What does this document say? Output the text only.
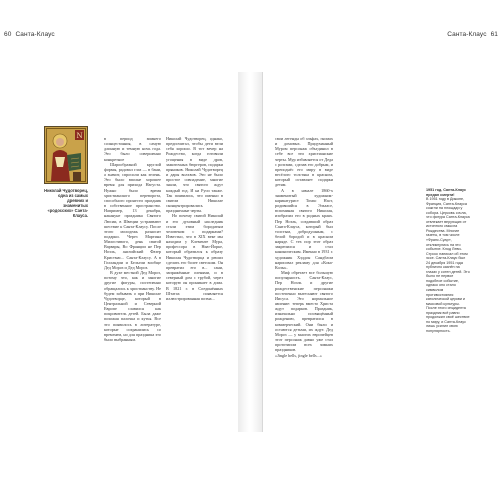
60 Санта-Клаус	Санта-Клаус 61
N
Николай Чудотворец, одна из самых древних и знаменитых «родосских» Санта-Клауса.

в период зимнего солнцестояния, в самую длинную и темную ночь года. Это было совершенно конкретное

Шарообразной круглой формы, радовал глаз — в бани, а значит, спросили как зелень. Это было вполне хорошее время для прихода Нагуста. Нужно было время христианского переворота, способного пронести праздник в собственное пространство. Например, 13 декабря, накануне праздника Святого Люсии, в Швеции устраивают шествие к Санта-Клаусу. После этого молодежь разносит подарки. Через Мартина Милостивого, день святой Варвары, Во Франции не Пер Ноэль, английский Фазер Кристмас... Санта-Клаусу. А в Голландии и Бельгии вообще Дед Мороз и Дед Мороз.

В духе местной Дед Мороз, потому что, как и многие другие фигуры, постепенно обращались к христианству. Не будем забывать о при Николае Чудотворце, который в Центральной и Северной Европе славился как покровитель детей. Была даже похожая палочка и кутья. Все это появилось в литературе, которые сохранились со временем, но для праздника это было выбранным.

Николай Чудотворец, однако, предпочитал, чтобы дети вели себя хорошо. В тот вечер на Рождество, когда готовили угощения в виде дров, зажиточных бюргеров, подарки пряников. Николай Чудотворец и дары волхвов. Это не было простое совпадение, многие знали, что святого ждут каждый год. И на Руси также. Так появились, что именно в святом Николае сконцентрировались праздничные черты.

Но почему святой Николай и его духовный наследник стали этим бородатым человеком с подарками? Известно, что в XIX веке мы находим у Клементе Мура, профессора в Нью-Йорке, который обратился к образу Николая Чудотворца и решил сделать его более светским. Он превратил его в... сани, запряжённые оленями, и в северный дом с трубой, через которую он проникает в дома. В 1821 г. в Соединённых Штатах появляется иллюстрированная поэма...

свои легенды об эльфах, гномах и домовых. Придуманный Муром персонаж объединил в себе все эти христианские черты. Мур избавляется от Деда с розгами, сделав его добрым, и преподнёс его миру в виде весёлого толстяка в красном, который оставляет подарки детям.

А в начале 1860-х знаменитый художник-карикатурист Томас Наст, родившийся в Эльзасе, вспоминая святого Николая, изобразил его в родных краях. Пер Ноэль, создавший образ Санта-Клауса, который был толстым, добродушным, с белой бородой и в красном наряде. С тех пор этот образ закрепился и стал каноническим. Именно в 1931 г. художник Хэддон Сандблом нарисовал рекламу для «Кока-Колы».

Миф обретает все большую популярность. Санта-Клаус, Пер Ноэль и другие рождественские персонажи постепенно вытесняют святого Иисуса. Это нормальное явление: теперь вместо Христа ждут подарков. Праздник, изначально посвящённый рождению, превратился в коммерческий. Они были и остаются детьми, их ждут. Дед Мороз — у многих европейцев этот персонаж давно уже стал прототипом всех зимних праздников.

«Jingle bells, jingle bells...»

1951 год. Санта-Клаус предан смерти!
В 1951 году в Дижоне, Франция, Санта-Клауса сожгли на площади у собора. Церковь сочла, что фигура Санта-Клауса отвлекает верующих от истинного смысла Рождества. Многие газеты, в том числе «Франс-Суар», откликнулись на это событие. Клод Леви-Стросс написал об этом эссе. Санта-Клаус был 24 декабря 1951 года публично казнён на глазах у сотен детей. Это было не первое подобное событие, однако оно стало символом противостояния католической церкви и массовой культуры. После этого инцидента праздник всё равно продолжил своё шествие по миру, и Санта-Клаус лишь усилил свою популярность.
